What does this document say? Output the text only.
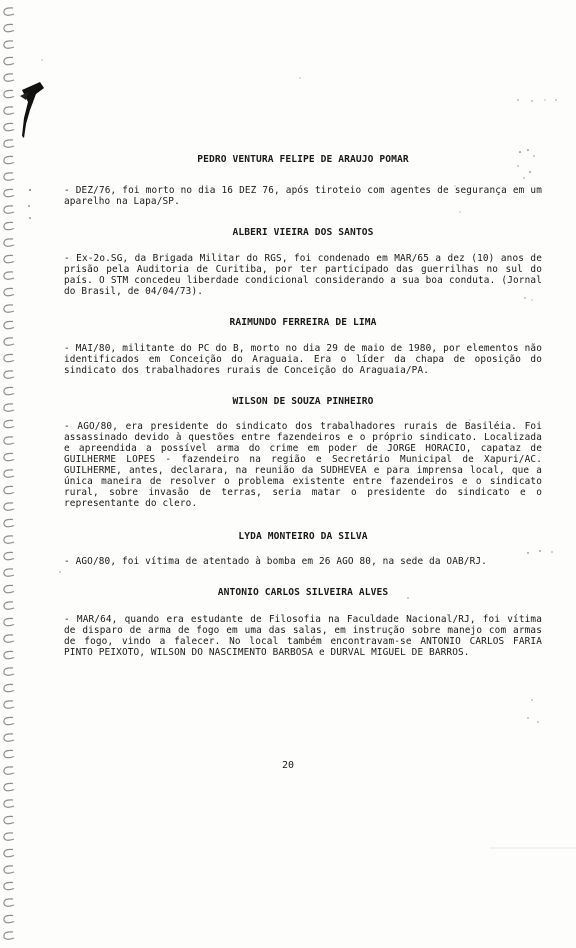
PEDRO VENTURA FELIPE DE ARAUJO POMAR

- DEZ/76, foi morto no dia 16 DEZ 76, após tiroteio com agentes de segurança em um aparelho na Lapa/SP.

ALBERI VIEIRA DOS SANTOS

- Ex-2o.SG, da Brigada Militar do RGS, foi condenado em MAR/65 a dez (10) anos de prisão pela Auditoria de Curitiba, por ter participado das guerrilhas no sul do país. O STM concedeu liberdade condicional considerando a sua boa conduta. (Jornal do Brasil, de 04/04/73).

RAIMUNDO FERREIRA DE LIMA

- MAI/80, militante do PC do B, morto no dia 29 de maio de 1980, por elementos não identificados em Conceição do Araguaia. Era o líder da chapa de oposição do sindicato dos trabalhadores rurais de Conceição do Araguaia/PA.

WILSON DE SOUZA PINHEIRO

- AGO/80, era presidente do sindicato dos trabalhadores rurais de Basiléia. Foi assassinado devido à questões entre fazendeiros e o próprio sindicato. Localizada e apreendida a possível arma do crime em poder de JORGE HORACIO, capataz de GUILHERME LOPES - fazendeiro na região e Secretário Municipal de Xapuri/AC. GUILHERME, antes, declarara, na reunião da SUDHEVEA e para imprensa local, que a única maneira de resolver o problema existente entre fazendeiros e o sindicato rural, sobre invasão de terras, seria matar o presidente do sindicato e o representante do clero.

LYDA MONTEIRO DA SILVA

- AGO/80, foi vítima de atentado à bomba em 26 AGO 80, na sede da OAB/RJ.

ANTONIO CARLOS SILVEIRA ALVES

- MAR/64, quando era estudante de Filosofia na Faculdade Nacional/RJ, foi vítima de disparo de arma de fogo em uma das salas, em instrução sobre manejo com armas de fogo, vindo a falecer. No local também encontravam-se ANTONIO CARLOS FARIA PINTO PEIXOTO, WILSON DO NASCIMENTO BARBOSA e DURVAL MIGUEL DE BARROS.

20
